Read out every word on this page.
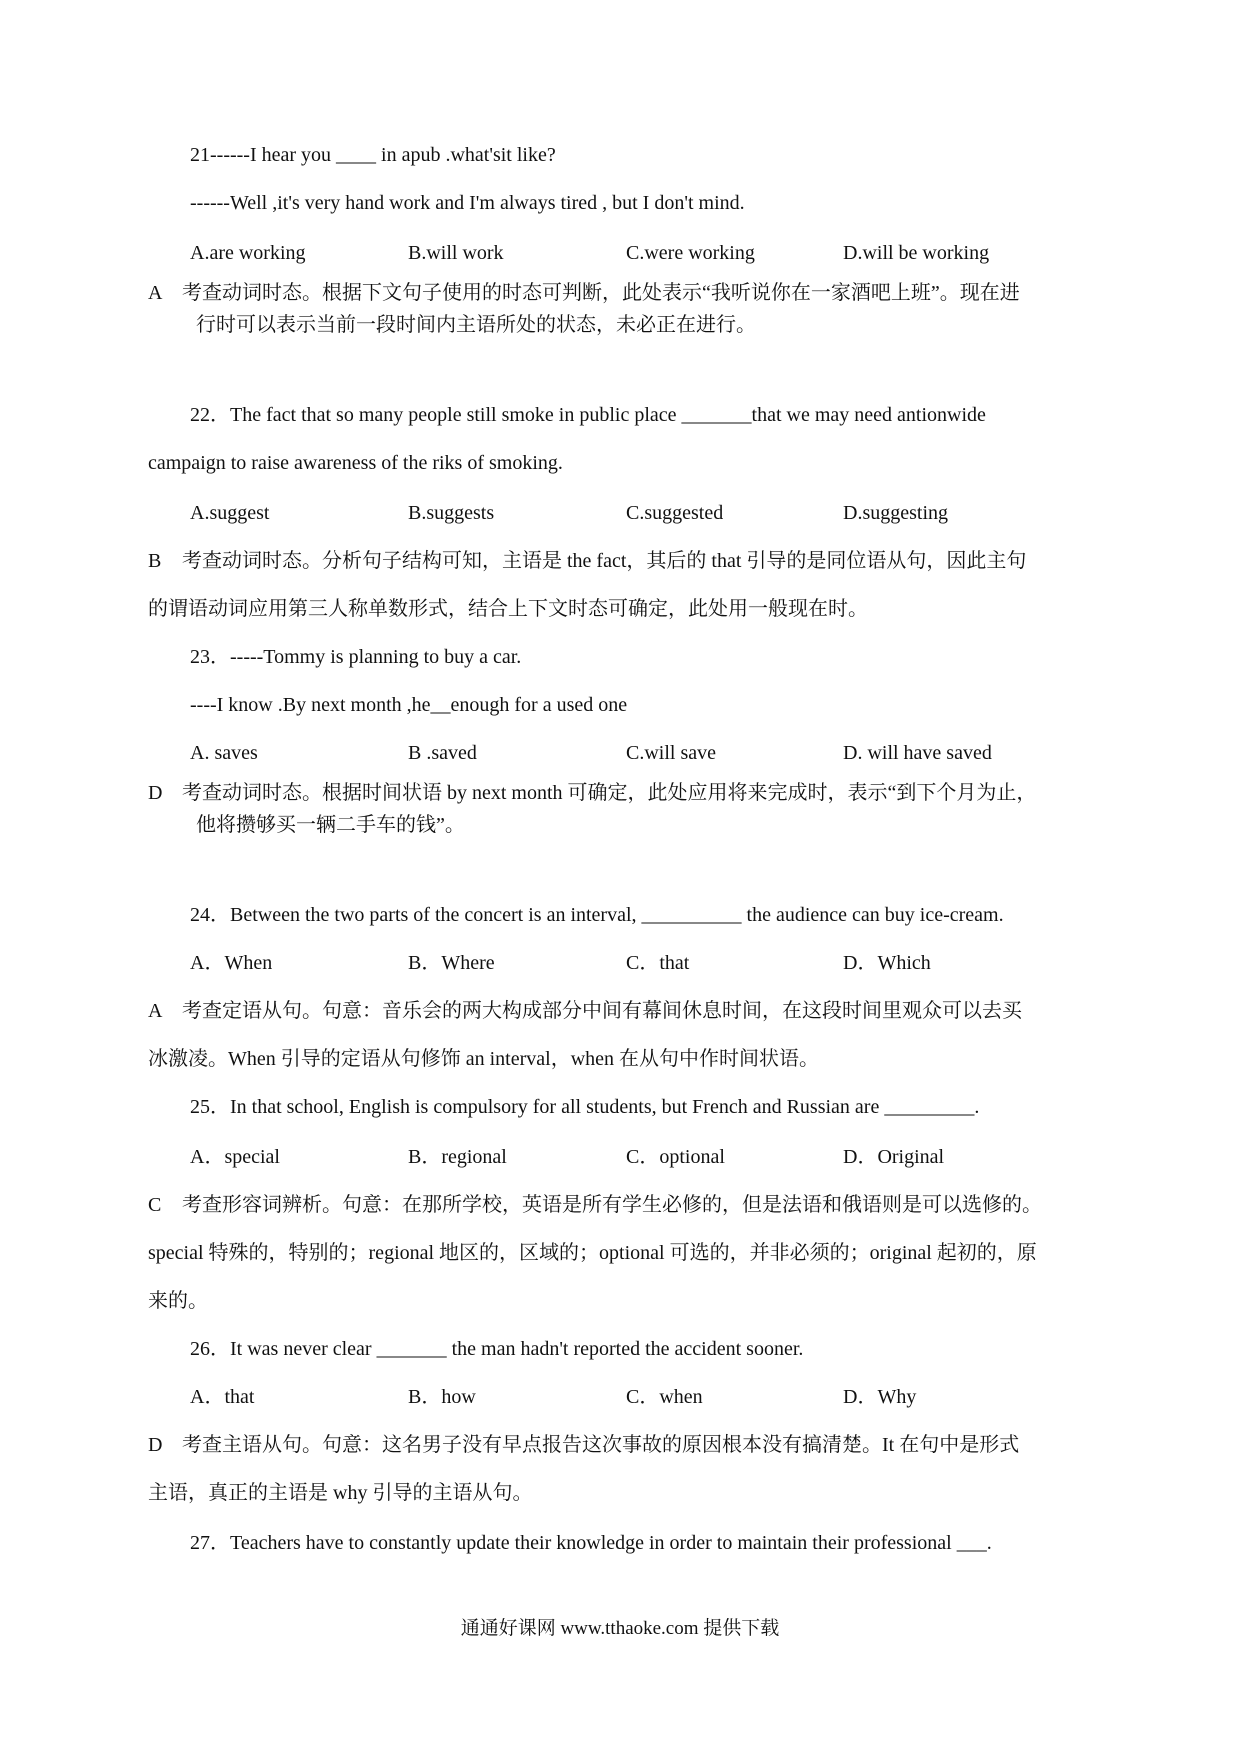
21------I hear you ____ in apub .what'sit like?
------Well ,it's very hand work and I'm always tired , but I don't mind.
A.are working	B.will work	C.were working	D.will be working
A 考查动词时态。根据下文句子使用的时态可判断，此处表示“我听说你在一家酒吧上班”。现在进
行时可以表示当前一段时间内主语所处的状态，未必正在进行。
22．The fact that so many people still smoke in public place _______that we may need antionwide
campaign to raise awareness of the riks of smoking.
A.suggest	B.suggests	C.suggested	D.suggesting
B 考查动词时态。分析句子结构可知，主语是 the fact，其后的 that 引导的是同位语从句，因此主句
的谓语动词应用第三人称单数形式，结合上下文时态可确定，此处用一般现在时。
23．-----Tommy is planning to buy a car.
----I know .By next month ,he__enough for a used one
A. saves	B .saved	C.will save	D. will have saved
D 考查动词时态。根据时间状语 by next month 可确定，此处应用将来完成时，表示“到下个月为止，
他将攒够买一辆二手车的钱”。
24．Between the two parts of the concert is an interval, __________ the audience can buy ice-cream.
A．When	B．Where	C．that	D．Which
A 考查定语从句。句意：音乐会的两大构成部分中间有幕间休息时间，在这段时间里观众可以去买
冰激凌。When 引导的定语从句修饰 an interval，when 在从句中作时间状语。
25．In that school, English is compulsory for all students, but French and Russian are _________.
A．special	B．regional	C．optional	D．Original
C 考查形容词辨析。句意：在那所学校，英语是所有学生必修的，但是法语和俄语则是可以选修的。
special 特殊的，特别的；regional 地区的，区域的；optional 可选的，并非必须的；original 起初的，原
来的。
26．It was never clear _______ the man hadn't reported the accident sooner.
A．that	B．how	C．when	D．Why
D 考查主语从句。句意：这名男子没有早点报告这次事故的原因根本没有搞清楚。It 在句中是形式
主语，真正的主语是 why 引导的主语从句。
27．Teachers have to constantly update their knowledge in order to maintain their professional ___.
通通好课网 www.tthaoke.com 提供下载
